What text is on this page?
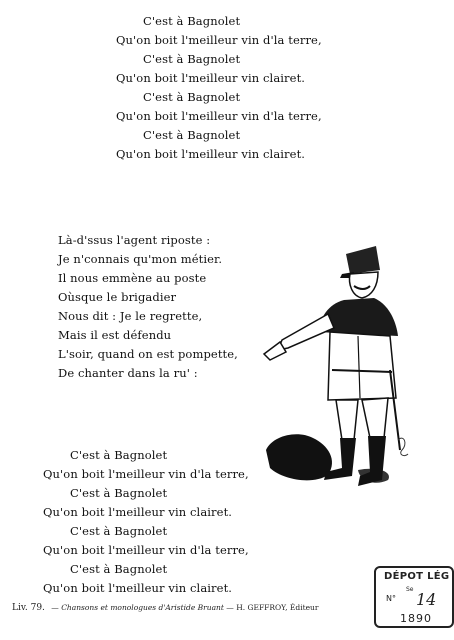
C'est à Bagnolet
Qu'on boit l'meilleur vin d'la terre,
C'est à Bagnolet
Qu'on boit l'meilleur vin clairet.
C'est à Bagnolet
Qu'on boit l'meilleur vin d'la terre,
C'est à Bagnolet
Qu'on boit l'meilleur vin clairet.
Là-d'ssus l'agent riposte :
Je n'connais qu'mon métier.
Il nous emmène au poste
Oùsque le brigadier
Nous dit : Je le regrette,
Mais il est défendu
L'soir, quand on est pompette,
De chanter dans la ru' :
C'est à Bagnolet
Qu'on boit l'meilleur vin d'la terre,
C'est à Bagnolet
Qu'on boit l'meilleur vin clairet.
C'est à Bagnolet
Qu'on boit l'meilleur vin d'la terre,
C'est à Bagnolet
Qu'on boit l'meilleur vin clairet.
Liv. 79. — Chansons et monologues d'Aristide Bruant — H. GEFFROY, Éditeur
DÉPOT LÉG
Se
N° 14
1890
